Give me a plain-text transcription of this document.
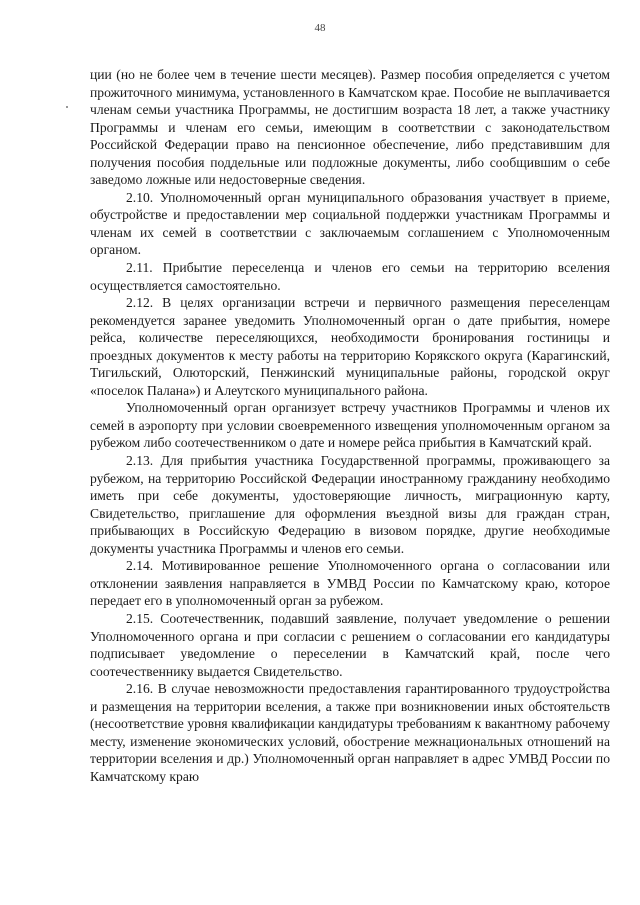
48

ции (но не более чем в течение шести месяцев). Размер пособия определяется с учетом прожиточного минимума, установленного в Камчатском крае. Пособие не выплачивается членам семьи участника Программы, не достигшим возраста 18 лет, а также участнику Программы и членам его семьи, имеющим в соответствии с законодательством Российской Федерации право на пенсионное обеспечение, либо представившим для получения пособия поддельные или подложные документы, либо сообщившим о себе заведомо ложные или недостоверные сведения.

2.10. Уполномоченный орган муниципального образования участвует в приеме, обустройстве и предоставлении мер социальной поддержки участникам Программы и членам их семей в соответствии с заключаемым соглашением с Уполномоченным органом.

2.11. Прибытие переселенца и членов его семьи на территорию вселения осуществляется самостоятельно.

2.12. В целях организации встречи и первичного размещения переселенцам рекомендуется заранее уведомить Уполномоченный орган о дате прибытия, номере рейса, количестве переселяющихся, необходимости бронирования гостиницы и проездных документов к месту работы на территорию Корякского округа (Карагинский, Тигильский, Олюторский, Пенжинский муниципальные районы, городской округ «поселок Палана») и Алеутского муниципального района.

Уполномоченный орган организует встречу участников Программы и членов их семей в аэропорту при условии своевременного извещения уполномоченным органом за рубежом либо соотечественником о дате и номере рейса прибытия в Камчатский край.

2.13. Для прибытия участника Государственной программы, проживающего за рубежом, на территорию Российской Федерации иностранному гражданину необходимо иметь при себе документы, удостоверяющие личность, миграционную карту, Свидетельство, приглашение для оформления въездной визы для граждан стран, прибывающих в Российскую Федерацию в визовом порядке, другие необходимые документы участника Программы и членов его семьи.

2.14. Мотивированное решение Уполномоченного органа о согласовании или отклонении заявления направляется в УМВД России по Камчатскому краю, которое передает его в уполномоченный орган за рубежом.

2.15. Соотечественник, подавший заявление, получает уведомление о решении Уполномоченного органа и при согласии с решением о согласовании его кандидатуры подписывает уведомление о переселении в Камчатский край, после чего соотечественнику выдается Свидетельство.

2.16. В случае невозможности предоставления гарантированного трудоустройства и размещения на территории вселения, а также при возникновении иных обстоятельств (несоответствие уровня квалификации кандидатуры требованиям к вакантному рабочему месту, изменение экономических условий, обострение межнациональных отношений на территории вселения и др.) Уполномоченный орган направляет в адрес УМВД России по Камчатскому краю
